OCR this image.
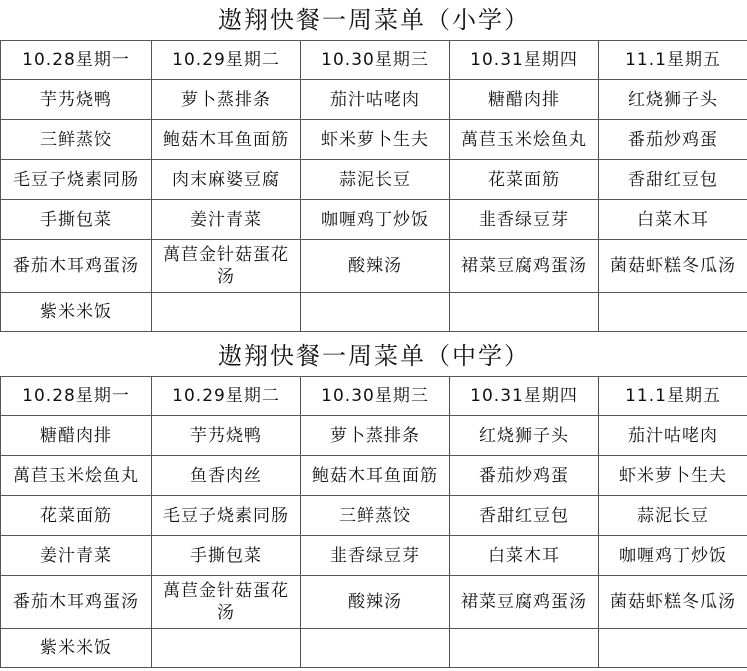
遨翔快餐一周菜单（小学）				
10.28星期一	10.29星期二	10.30星期三	10.31星期四	11.1星期五
芋艿烧鸭	萝卜蒸排条	茄汁咕咾肉	糖醋肉排	红烧狮子头
三鲜蒸饺	鲍菇木耳鱼面筋	虾米萝卜生夫	萬苣玉米烩鱼丸	番茄炒鸡蛋
毛豆子烧素同肠	肉末麻婆豆腐	蒜泥长豆	花菜面筋	香甜红豆包
手撕包菜	姜汁青菜	咖喱鸡丁炒饭	韭香绿豆芽	白菜木耳
番茄木耳鸡蛋汤	萬苣金针菇蛋花汤	酸辣汤	裙菜豆腐鸡蛋汤	菌菇虾糕冬瓜汤
紫米米饭				
遨翔快餐一周菜单（中学）				
10.28星期一	10.29星期二	10.30星期三	10.31星期四	11.1星期五
糖醋肉排	芋艿烧鸭	萝卜蒸排条	红烧狮子头	茄汁咕咾肉
萬苣玉米烩鱼丸	鱼香肉丝	鲍菇木耳鱼面筋	番茄炒鸡蛋	虾米萝卜生夫
花菜面筋	毛豆子烧素同肠	三鲜蒸饺	香甜红豆包	蒜泥长豆
姜汁青菜	手撕包菜	韭香绿豆芽	白菜木耳	咖喱鸡丁炒饭
番茄木耳鸡蛋汤	萬苣金针菇蛋花汤	酸辣汤	裙菜豆腐鸡蛋汤	菌菇虾糕冬瓜汤
紫米米饭				
